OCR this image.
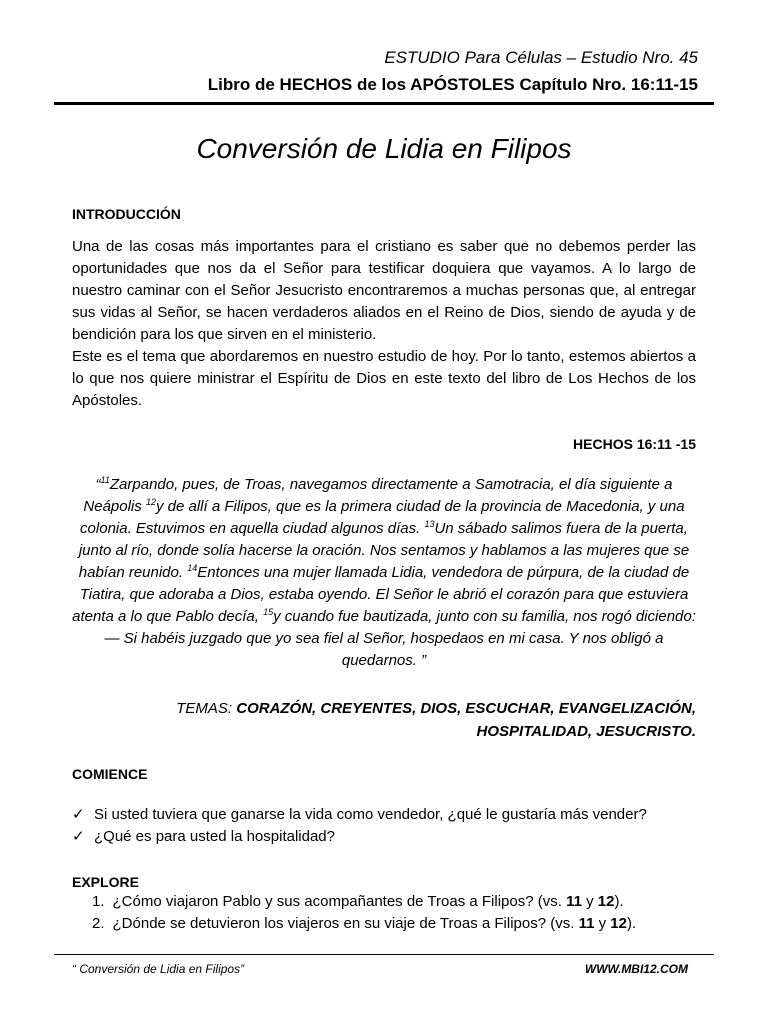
ESTUDIO Para Células – Estudio Nro. 45
Libro de HECHOS de los APÓSTOLES Capítulo Nro. 16:11-15
Conversión de Lidia en Filipos
INTRODUCCIÓN

Una de las cosas más importantes para el cristiano es saber que no debemos perder las oportunidades que nos da el Señor para testificar doquiera que vayamos. A lo largo de nuestro caminar con el Señor Jesucristo encontraremos a muchas personas que, al entregar sus vidas al Señor, se hacen verdaderos aliados en el Reino de Dios, siendo de ayuda y de bendición para los que sirven en el ministerio.

Este es el tema que abordaremos en nuestro estudio de hoy. Por lo tanto, estemos abiertos a lo que nos quiere ministrar el Espíritu de Dios en este texto del libro de Los Hechos de los Apóstoles.

HECHOS 16:11 -15
“$^{11}$Zarpando, pues, de Troas, navegamos directamente a Samotracia, el día siguiente a Neápolis $^{12}$y de allí a Filipos, que es la primera ciudad de la provincia de Macedonia, y una colonia. Estuvimos en aquella ciudad algunos días. $^{13}$Un sábado salimos fuera de la puerta, junto al río, donde solía hacerse la oración. Nos sentamos y hablamos a las mujeres que se habían reunido. $^{14}$Entonces una mujer llamada Lidia, vendedora de púrpura, de la ciudad de Tiatira, que adoraba a Dios, estaba oyendo. El Señor le abrió el corazón para que estuviera atenta a lo que Pablo decía, $^{15}$y cuando fue bautizada, junto con su familia, nos rogó diciendo: — Si habéis juzgado que yo sea fiel al Señor, hospedaos en mi casa. Y nos obligó a quedarnos. ”
TEMAS: CORAZÓN, CREYENTES, DIOS, ESCUCHAR, EVANGELIZACIÓN, HOSPITALIDAD, JESUCRISTO.
COMIENCE
✓ Si usted tuviera que ganarse la vida como vendedor, ¿qué le gustaría más vender?
✓ ¿Qué es para usted la hospitalidad?
EXPLORE
1. ¿Cómo viajaron Pablo y sus acompañantes de Troas a Filipos? (vs. 11 y 12).
2. ¿Dónde se detuvieron los viajeros en su viaje de Troas a Filipos? (vs. 11 y 12).
“ Conversión de Lidia en Filipos”	WWW.MBI12.COM
